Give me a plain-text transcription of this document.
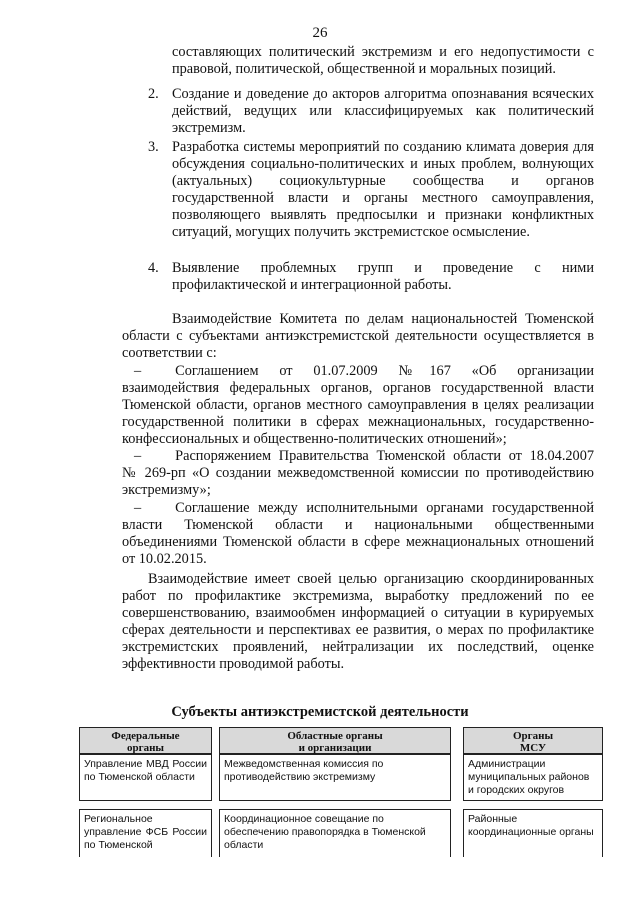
26
составляющих политический экстремизм и его недопустимости с правовой, политической, общественной и моральных позиций.
2. Создание и доведение до акторов алгоритма опознавания всяческих действий, ведущих или классифицируемых как политический экстремизм.
3. Разработка системы мероприятий по созданию климата доверия для обсуждения социально-политических и иных проблем, волнующих (актуальных) социокультурные сообщества и органов государственной власти и органы местного самоуправления, позволяющего выявлять предпосылки и признаки конфликтных ситуаций, могущих получить экстремистское осмысление.
4. Выявление проблемных групп и проведение с ними профилактической и интеграционной работы.
Взаимодействие Комитета по делам национальностей Тюменской области с субъектами антиэкстремистской деятельности осуществляется в соответствии с:
– Соглашением от 01.07.2009 №167 «Об организации
взаимодействия федеральных органов, органов государственной власти Тюменской области, органов местного самоуправления в целях реализации государственной политики в сферах межнациональных, государственно-конфессиональных и общественно-политических отношений»;
– Распоряжением Правительства Тюменской области от 18.04.2007
№ 269-рп «О создании межведомственной комиссии по противодействию экстремизму»;
– Соглашение между исполнительными органами государственной
власти Тюменской области и национальными общественными объединениями Тюменской области в сфере межнациональных отношений от 10.02.2015.
Взаимодействие имеет своей целью организацию скоординированных работ по профилактике экстремизма, выработку предложений по ее совершенствованию, взаимообмен информацией о ситуации в курируемых сферах деятельности и перспективах ее развития, о мерах по профилактике экстремистских проявлений, нейтрализации их последствий, оценке эффективности проводимой работы.
Субъекты антиэкстремистской деятельности
Федеральные
органы
Управление МВД России по Тюменской области
Региональное управление ФСБ России по Тюменской
Областные органы
и организации
Межведомственная комиссия по противодействию экстремизму
Координационное совещание по обеспечению правопорядка в Тюменской области
Органы
МСУ
Администрации муниципальных районов и городских округов
Районные координационные органы
